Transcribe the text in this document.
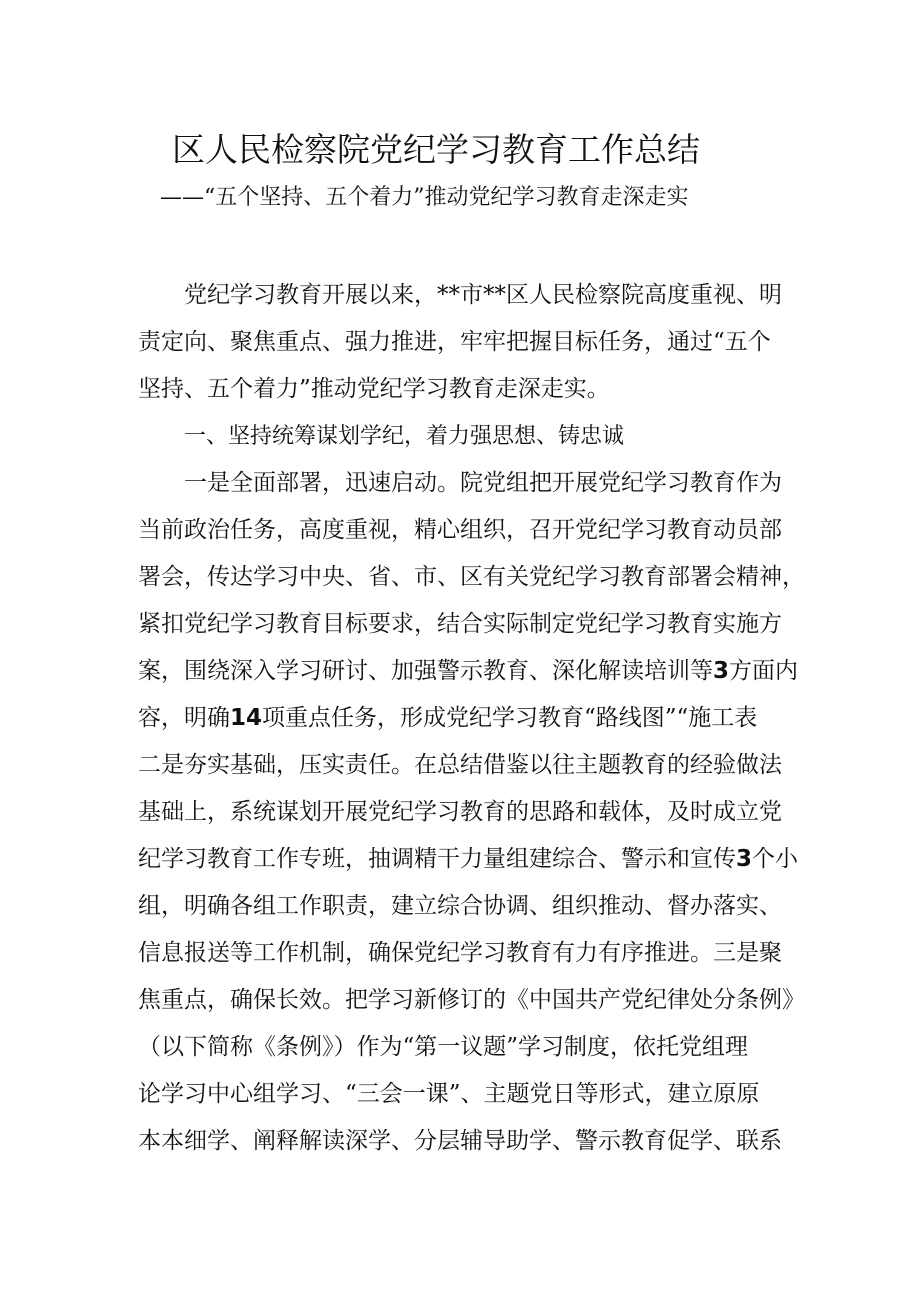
区人民检察院党纪学习教育工作总结

——“五个坚持、五个着力”推动党纪学习教育走深走实

党纪学习教育开展以来，**市**区人民检察院高度重视、明
责定向、聚焦重点、强力推进，牢牢把握目标任务，通过“五个
坚持、五个着力”推动党纪学习教育走深走实。
一、坚持统筹谋划学纪，着力强思想、铸忠诚
一是全面部署，迅速启动。院党组把开展党纪学习教育作为
当前政治任务，高度重视，精心组织，召开党纪学习教育动员部
署会，传达学习中央、省、市、区有关党纪学习教育部署会精神，
紧扣党纪学习教育目标要求，结合实际制定党纪学习教育实施方
案，围绕深入学习研讨、加强警示教育、深化解读培训等3方面内
容，明确14项重点任务，形成党纪学习教育“路线图”“施工表
二是夯实基础，压实责任。在总结借鉴以往主题教育的经验做法
基础上，系统谋划开展党纪学习教育的思路和载体，及时成立党
纪学习教育工作专班，抽调精干力量组建综合、警示和宣传3个小
组，明确各组工作职责，建立综合协调、组织推动、督办落实、
信息报送等工作机制，确保党纪学习教育有力有序推进。三是聚
焦重点，确保长效。把学习新修订的《中国共产党纪律处分条例》
（以下简称《条例》）作为“第一议题”学习制度，依托党组理
论学习中心组学习、“三会一课”、主题党日等形式，建立原原
本本细学、阐释解读深学、分层辅导助学、警示教育促学、联系
